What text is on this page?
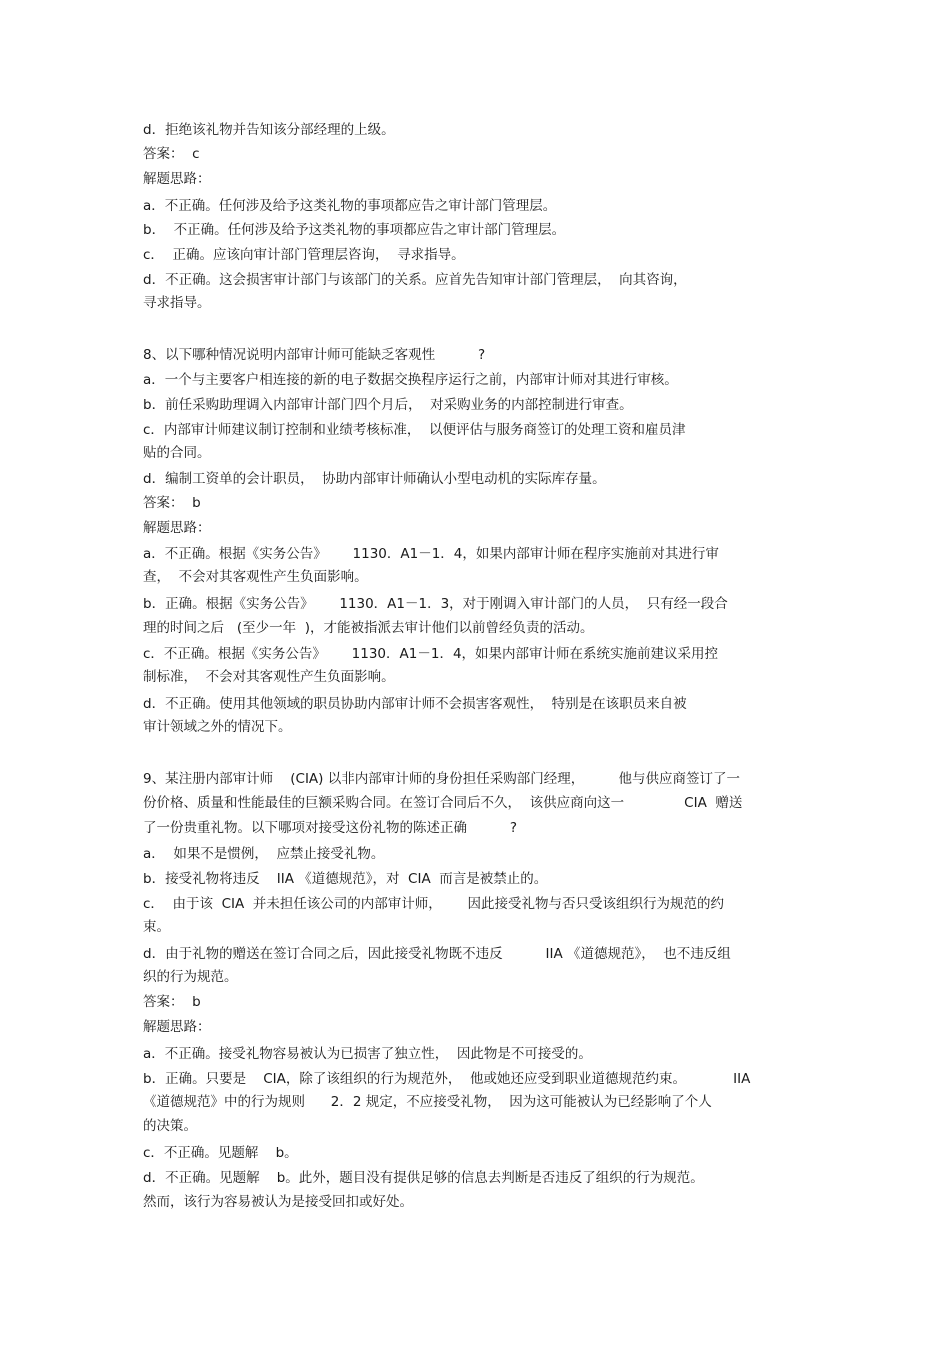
d．拒绝该礼物并告知该分部经理的上级。
答案：  c
解题思路：
a．不正确。任何涉及给予这类礼物的事项都应告之审计部门管理层。
b．  不正确。任何涉及给予这类礼物的事项都应告之审计部门管理层。
c．  正确。应该向审计部门管理层咨询，  寻求指导。
d．不正确。这会损害审计部门与该部门的关系。应首先告知审计部门管理层，  向其咨询，
寻求指导。
8、以下哪种情况说明内部审计师可能缺乏客观性          ?
a．一个与主要客户相连接的新的电子数据交换程序运行之前，内部审计师对其进行审核。
b．前任采购助理调入内部审计部门四个月后，  对采购业务的内部控制进行审查。
c．内部审计师建议制订控制和业绩考核标准，  以便评估与服务商签订的处理工资和雇员津
贴的合同。
d．编制工资单的会计职员，  协助内部审计师确认小型电动机的实际库存量。
答案：  b
解题思路：
a．不正确。根据《实务公告》      1130．A1－1．4，如果内部审计师在程序实施前对其进行审
查，  不会对其客观性产生负面影响。
b．正确。根据《实务公告》      1130．A1－1．3，对于刚调入审计部门的人员，  只有经一段合
理的时间之后   (至少一年  )，才能被指派去审计他们以前曾经负责的活动。
c．不正确。根据《实务公告》      1130．A1－1．4，如果内部审计师在系统实施前建议采用控
制标准，  不会对其客观性产生负面影响。
d．不正确。使用其他领域的职员协助内部审计师不会损害客观性，  特别是在该职员来自被
审计领域之外的情况下。
9、某注册内部审计师    (CIA) 以非内部审计师的身份担任采购部门经理，        他与供应商签订了一
份价格、质量和性能最佳的巨额采购合同。在签订合同后不久，  该供应商向这一              CIA  赠送
了一份贵重礼物。以下哪项对接受这份礼物的陈述正确          ?
a．  如果不是惯例，  应禁止接受礼物。
b．接受礼物将违反    IIA 《道德规范》，对  CIA  而言是被禁止的。
c．  由于该  CIA  并未担任该公司的内部审计师，      因此接受礼物与否只受该组织行为规范的约
束。
d．由于礼物的赠送在签订合同之后，因此接受礼物既不违反          IIA 《道德规范》，  也不违反组
织的行为规范。
答案：  b
解题思路：
a．不正确。接受礼物容易被认为已损害了独立性，  因此物是不可接受的。
b．正确。只要是    CIA，除了该组织的行为规范外，  他或她还应受到职业道德规范约束。           IIA
《道德规范》中的行为规则      2．2 规定，不应接受礼物，  因为这可能被认为已经影响了个人
的决策。
c．不正确。见题解    b。
d．不正确。见题解    b。此外，题目没有提供足够的信息去判断是否违反了组织的行为规范。
然而，该行为容易被认为是接受回扣或好处。
